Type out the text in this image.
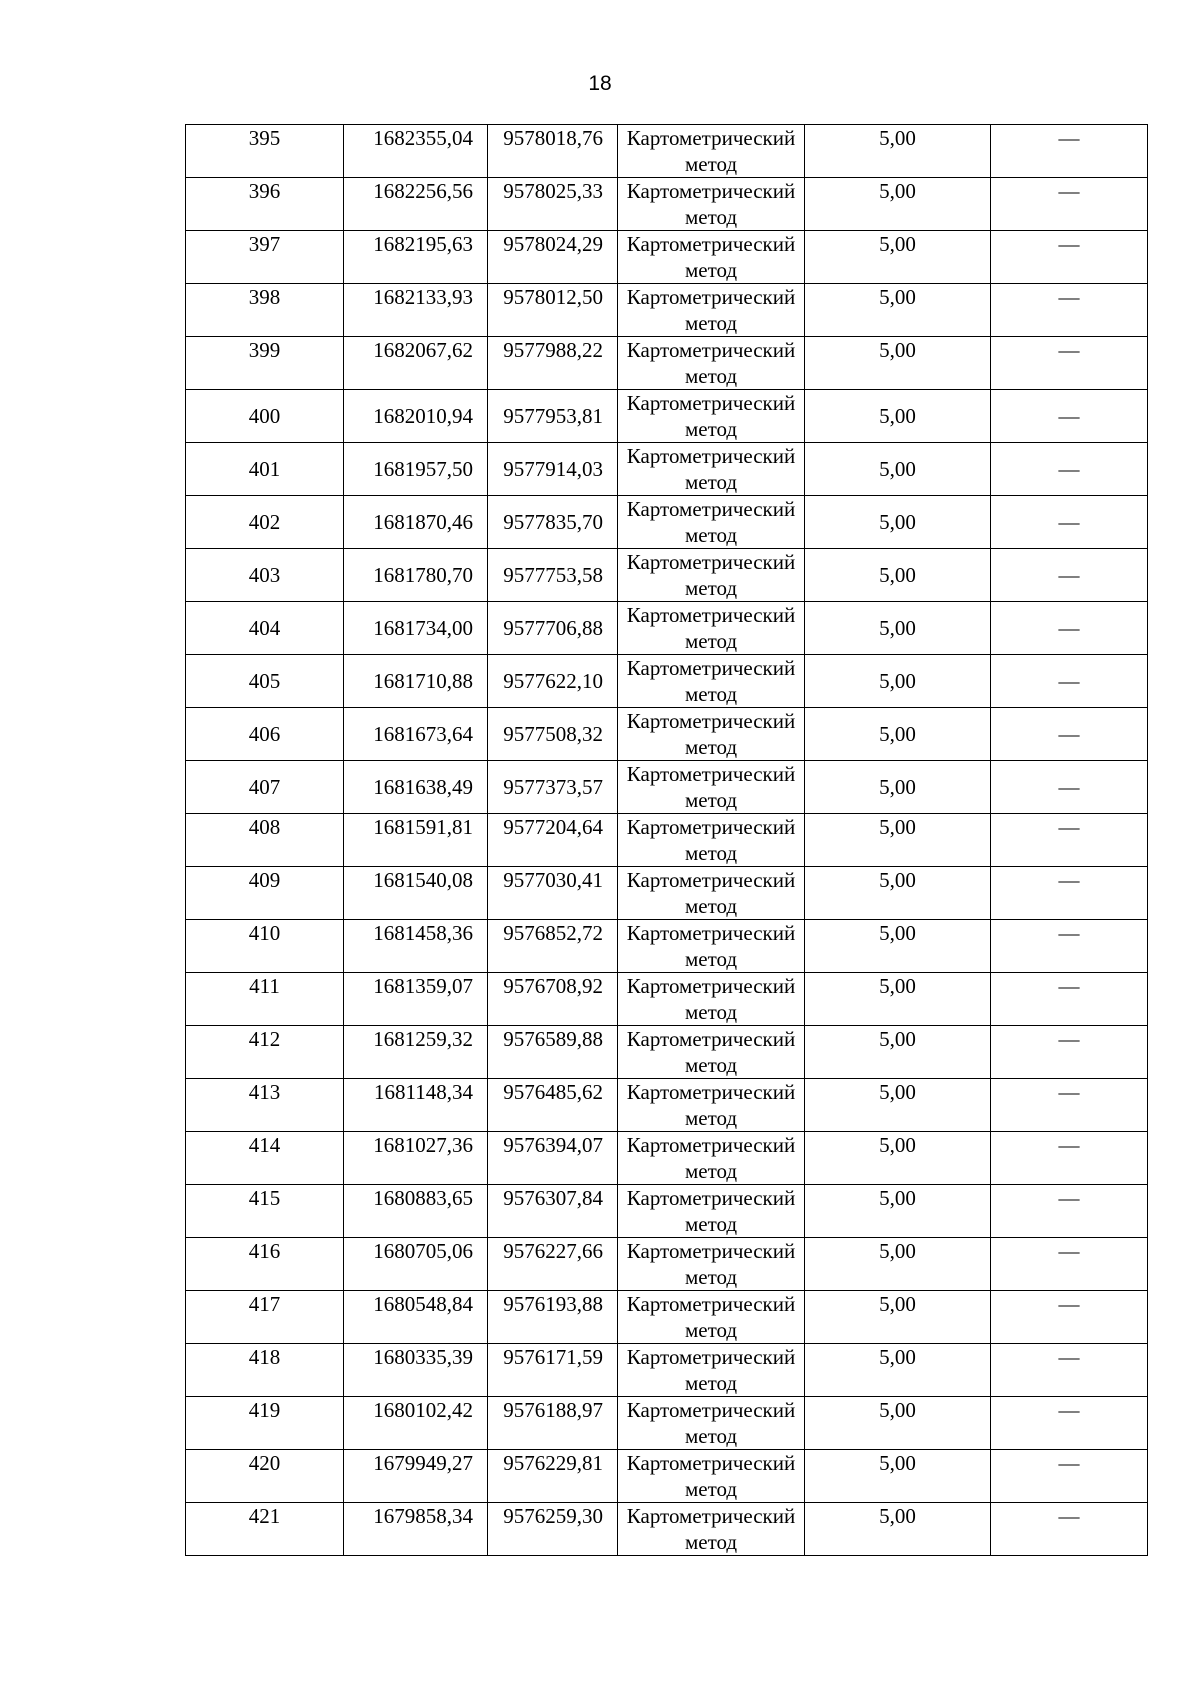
18
395	1682355,04	9578018,76	Картометрический метод	5,00	—
396	1682256,56	9578025,33	Картометрический метод	5,00	—
397	1682195,63	9578024,29	Картометрический метод	5,00	—
398	1682133,93	9578012,50	Картометрический метод	5,00	—
399	1682067,62	9577988,22	Картометрический метод	5,00	—
400	1682010,94	9577953,81	Картометрический метод	5,00	—
401	1681957,50	9577914,03	Картометрический метод	5,00	—
402	1681870,46	9577835,70	Картометрический метод	5,00	—
403	1681780,70	9577753,58	Картометрический метод	5,00	—
404	1681734,00	9577706,88	Картометрический метод	5,00	—
405	1681710,88	9577622,10	Картометрический метод	5,00	—
406	1681673,64	9577508,32	Картометрический метод	5,00	—
407	1681638,49	9577373,57	Картометрический метод	5,00	—
408	1681591,81	9577204,64	Картометрический метод	5,00	—
409	1681540,08	9577030,41	Картометрический метод	5,00	—
410	1681458,36	9576852,72	Картометрический метод	5,00	—
411	1681359,07	9576708,92	Картометрический метод	5,00	—
412	1681259,32	9576589,88	Картометрический метод	5,00	—
413	1681148,34	9576485,62	Картометрический метод	5,00	—
414	1681027,36	9576394,07	Картометрический метод	5,00	—
415	1680883,65	9576307,84	Картометрический метод	5,00	—
416	1680705,06	9576227,66	Картометрический метод	5,00	—
417	1680548,84	9576193,88	Картометрический метод	5,00	—
418	1680335,39	9576171,59	Картометрический метод	5,00	—
419	1680102,42	9576188,97	Картометрический метод	5,00	—
420	1679949,27	9576229,81	Картометрический метод	5,00	—
421	1679858,34	9576259,30	Картометрический метод	5,00	—
